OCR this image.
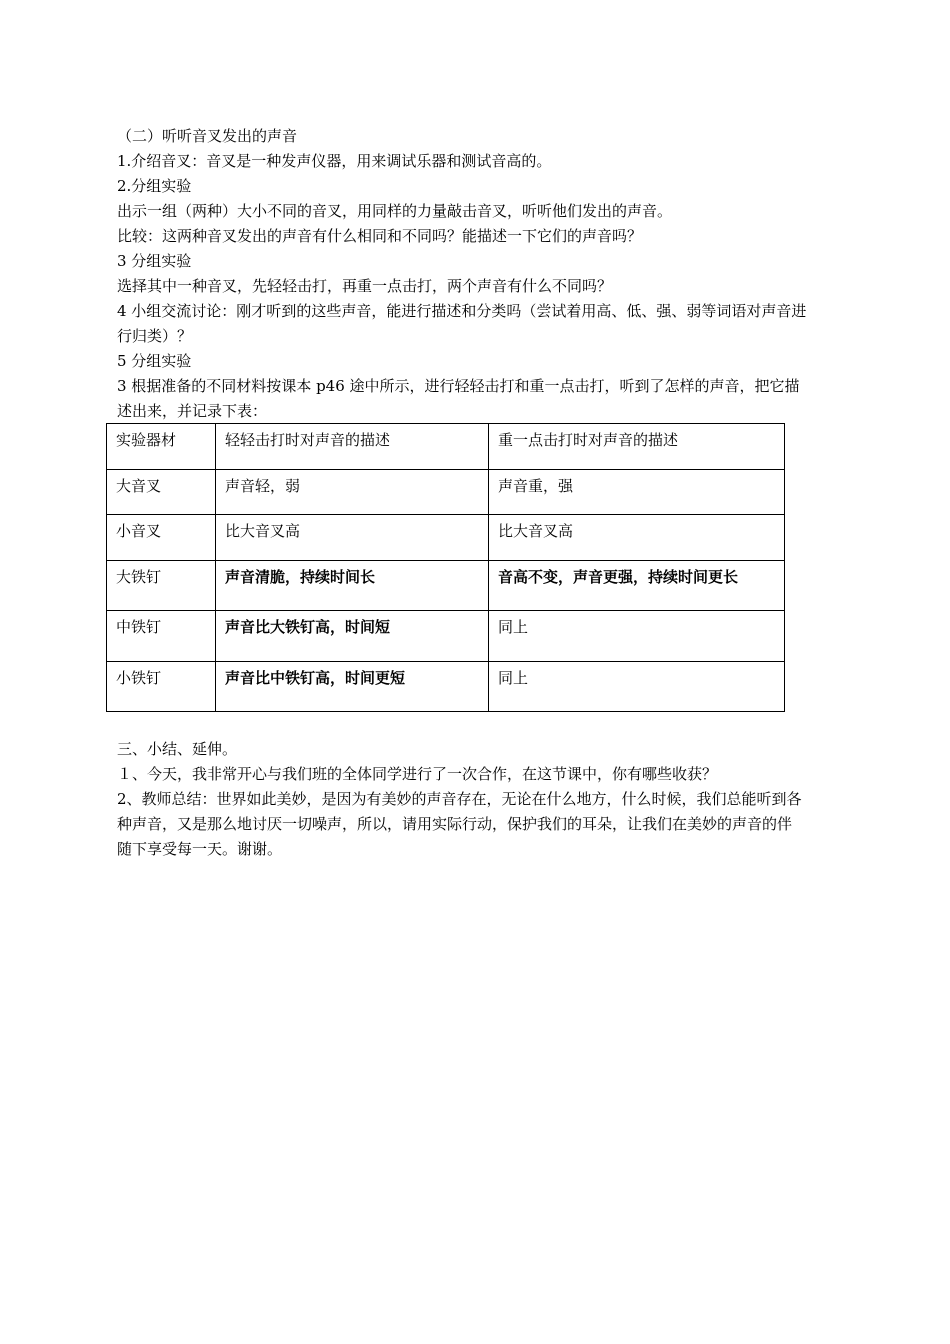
（二）听听音叉发出的声音
1.介绍音叉：音叉是一种发声仪器，用来调试乐器和测试音高的。
2.分组实验
出示一组（两种）大小不同的音叉，用同样的力量敲击音叉，听听他们发出的声音。
比较：这两种音叉发出的声音有什么相同和不同吗？能描述一下它们的声音吗？
3 分组实验
选择其中一种音叉，先轻轻击打，再重一点击打，两个声音有什么不同吗？
4 小组交流讨论：刚才听到的这些声音，能进行描述和分类吗（尝试着用高、低、强、弱等词语对声音进
行归类）？
5 分组实验
3 根据准备的不同材料按课本 p46 途中所示，进行轻轻击打和重一点击打，听到了怎样的声音，把它描
述出来，并记录下表：
实验器材	轻轻击打时对声音的描述	重一点击打时对声音的描述
大音叉	声音轻，弱	声音重，强
小音叉	比大音叉高	比大音叉高
大铁钉	声音清脆，持续时间长	音高不变，声音更强，持续时间更长
中铁钉	声音比大铁钉高，时间短	同上
小铁钉	声音比中铁钉高，时间更短	同上
三、小结、延伸。
１、今天，我非常开心与我们班的全体同学进行了一次合作，在这节课中，你有哪些收获？
2、教师总结：世界如此美妙，是因为有美妙的声音存在，无论在什么地方，什么时候，我们总能听到各
种声音，又是那么地讨厌一切噪声，所以，请用实际行动，保护我们的耳朵，让我们在美妙的声音的伴
随下享受每一天。谢谢。
